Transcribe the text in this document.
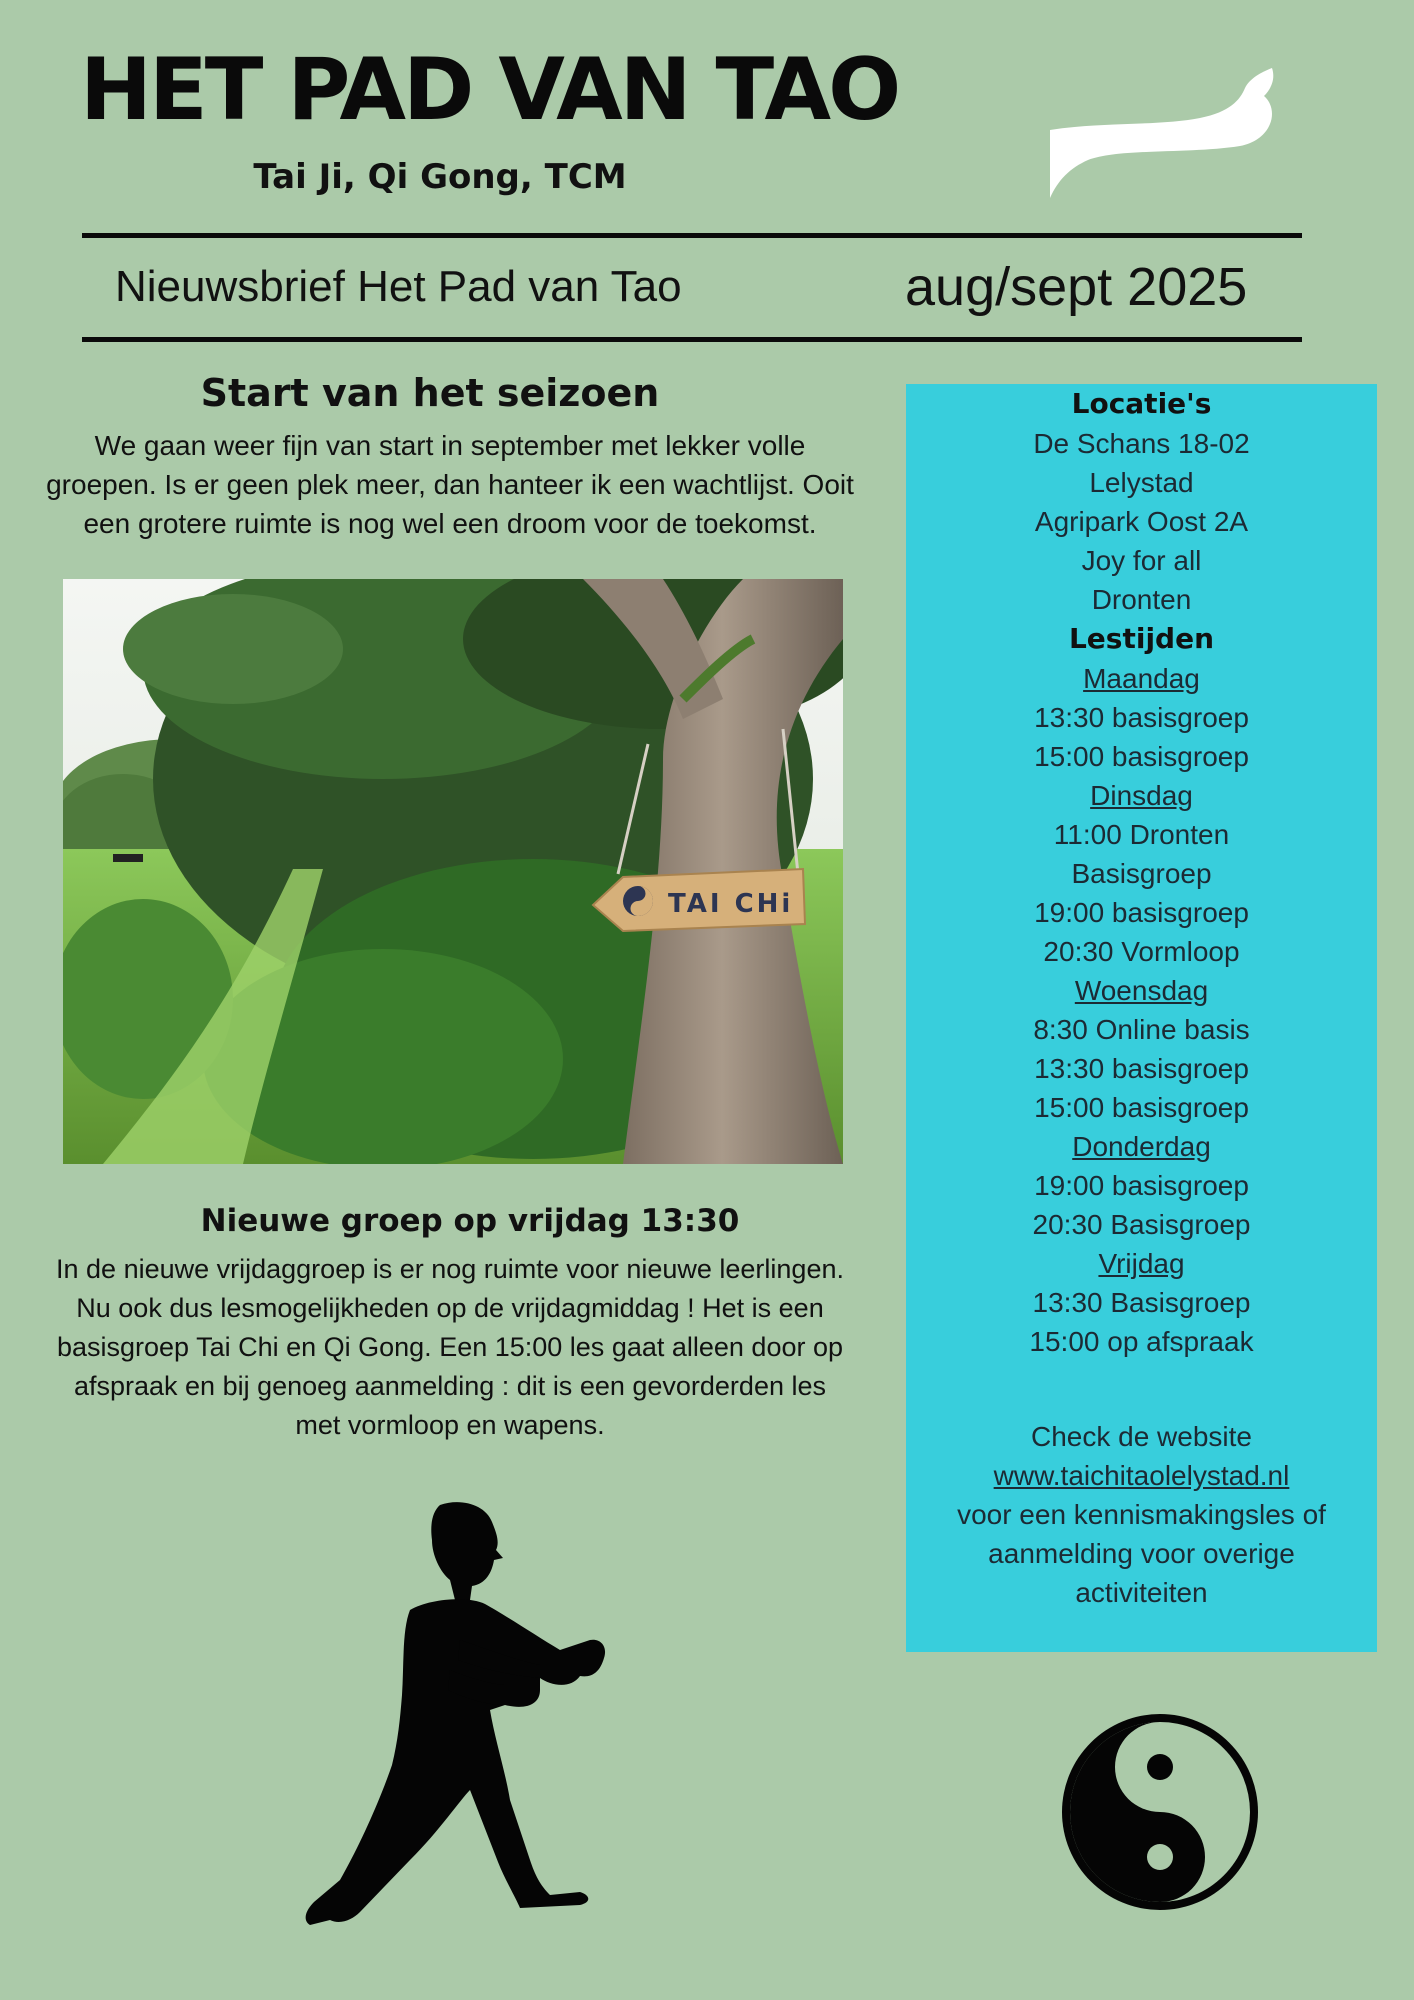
HET PAD VAN TAO

Tai Ji, Qi Gong, TCM

Nieuwsbrief Het Pad van Tao	aug/sept 2025
Start van het seizoen

We gaan weer fijn van start in september met lekker volle

groepen. Is er geen plek meer, dan hanteer ik een wachtlijst. Ooit

een grotere ruimte is nog wel een droom voor de toekomst.

TAI CHi
Nieuwe groep op vrijdag 13:30

In de nieuwe vrijdaggroep is er nog ruimte voor nieuwe leerlingen.

Nu ook dus lesmogelijkheden op de vrijdagmiddag ! Het is een

basisgroep Tai Chi en Qi Gong. Een 15:00 les gaat alleen door op

afspraak en bij genoeg aanmelding : dit is een gevorderden les

met vormloop en wapens.

Locatie's

De Schans 18-02

Lelystad

Agripark Oost 2A

Joy for all

Dronten

Lestijden

Maandag

13:30 basisgroep

15:00 basisgroep

Dinsdag

11:00 Dronten

Basisgroep

19:00 basisgroep

20:30 Vormloop

Woensdag

8:30 Online basis

13:30 basisgroep

15:00 basisgroep

Donderdag

19:00 basisgroep

20:30 Basisgroep

Vrijdag

13:30 Basisgroep

15:00 op afspraak

Check de website

www.taichitaolelystad.nl

voor een kennismakingsles of

aanmelding voor overige

activiteiten
